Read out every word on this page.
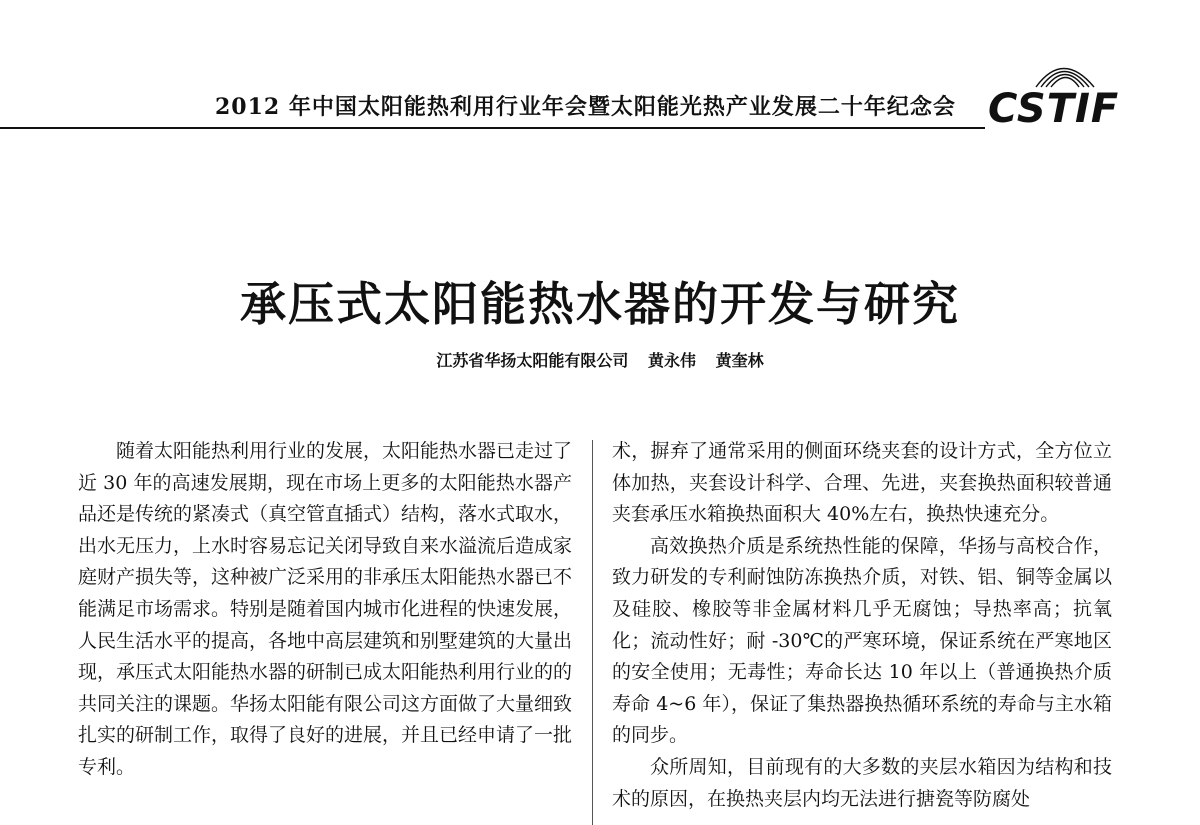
2012 年中国太阳能热利用行业年会暨太阳能光热产业发展二十年纪念会 CSTIF
承压式太阳能热水器的开发与研究
江苏省华扬太阳能有限公司 黄永伟 黄奎林

随着太阳能热利用行业的发展，太阳能热水器已走过了近 30 年的高速发展期，现在市场上更多的太阳能热水器产品还是传统的紧凑式（真空管直插式）结构，落水式取水，出水无压力，上水时容易忘记关闭导致自来水溢流后造成家庭财产损失等，这种被广泛采用的非承压太阳能热水器已不能满足市场需求。特别是随着国内城市化进程的快速发展，人民生活水平的提高，各地中高层建筑和别墅建筑的大量出现，承压式太阳能热水器的研制已成太阳能热利用行业的的共同关注的课题。华扬太阳能有限公司这方面做了大量细致扎实的研制工作，取得了良好的进展，并且已经申请了一批专利。

术，摒弃了通常采用的侧面环绕夹套的设计方式，全方位立体加热，夹套设计科学、合理、先进，夹套换热面积较普通夹套承压水箱换热面积大 40%左右，换热快速充分。

高效换热介质是系统热性能的保障，华扬与高校合作，致力研发的专利耐蚀防冻换热介质，对铁、铝、铜等金属以及硅胶、橡胶等非金属材料几乎无腐蚀；导热率高；抗氧化；流动性好；耐 -30℃的严寒环境，保证系统在严寒地区的安全使用；无毒性；寿命长达 10 年以上（普通换热介质寿命 4~6 年），保证了集热器换热循环系统的寿命与主水箱的同步。

众所周知，目前现有的大多数的夹层水箱因为结构和技术的原因，在换热夹层内均无法进行搪瓷等防腐处
